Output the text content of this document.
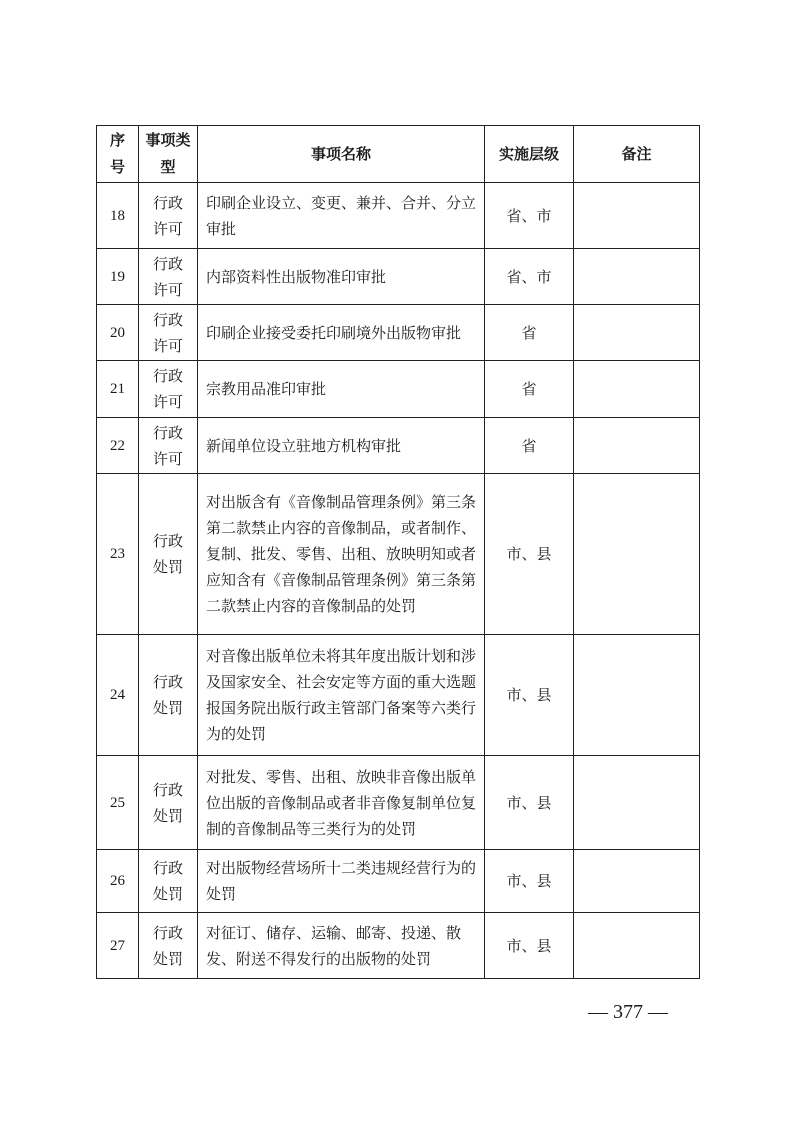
序号	事项类型	事项名称	实施层级	备注
18	行政许可	印刷企业设立、变更、兼并、合并、分立审批	省、市	
19	行政许可	内部资料性出版物准印审批	省、市	
20	行政许可	印刷企业接受委托印刷境外出版物审批	省	
21	行政许可	宗教用品准印审批	省	
22	行政许可	新闻单位设立驻地方机构审批	省	
23	行政处罚	对出版含有《音像制品管理条例》第三条第二款禁止内容的音像制品，或者制作、复制、批发、零售、出租、放映明知或者应知含有《音像制品管理条例》第三条第二款禁止内容的音像制品的处罚	市、县	
24	行政处罚	对音像出版单位未将其年度出版计划和涉及国家安全、社会安定等方面的重大选题报国务院出版行政主管部门备案等六类行为的处罚	市、县	
25	行政处罚	对批发、零售、出租、放映非音像出版单位出版的音像制品或者非音像复制单位复制的音像制品等三类行为的处罚	市、县	
26	行政处罚	对出版物经营场所十二类违规经营行为的处罚	市、县	
27	行政处罚	对征订、储存、运输、邮寄、投递、散发、附送不得发行的出版物的处罚	市、县	
— 377 —
